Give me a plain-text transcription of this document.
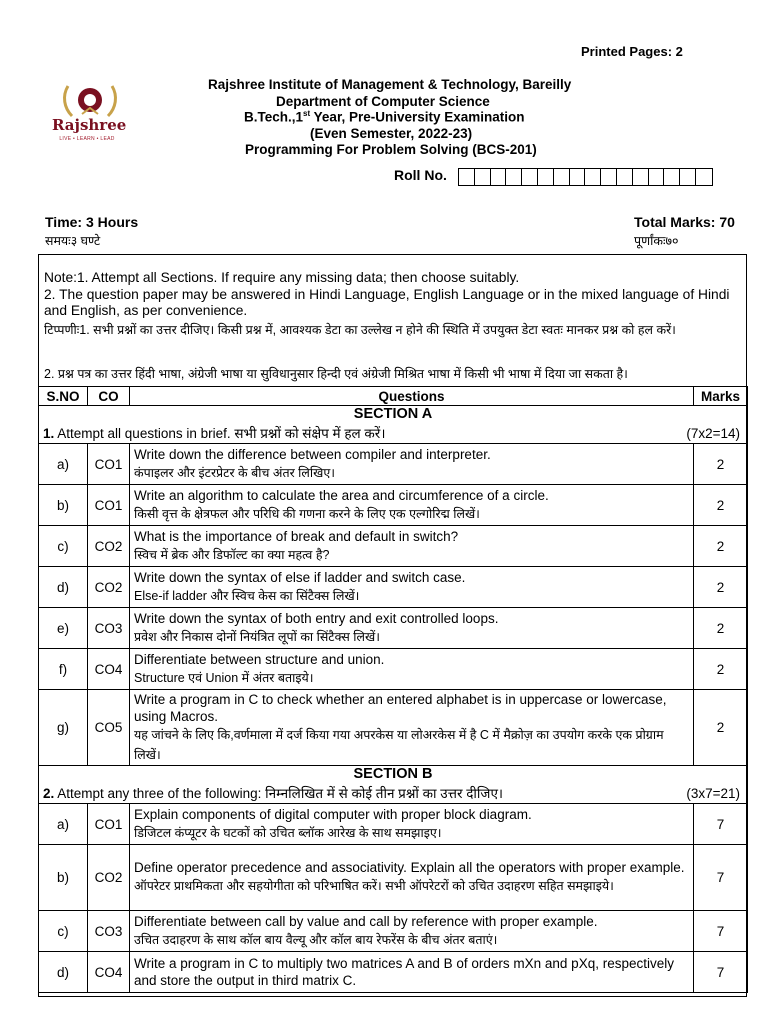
Printed Pages: 2
Rajshree
LIVE • LEARN • LEAD
Rajshree Institute of Management & Technology, Bareilly
Department of Computer Science
B.Tech.,1st Year, Pre-University Examination
(Even Semester, 2022-23)
Programming For Problem Solving (BCS-201)
Roll No.
Time: 3 Hours
समयः३ घण्टे
Total Marks: 70
पूर्णांकः७०
Note:1. Attempt all Sections. If require any missing data; then choose suitably.
2. The question paper may be answered in Hindi Language, English Language or in the mixed language of Hindi and English, as per convenience.
टिप्पणीः1. सभी प्रश्नों का उत्तर दीजिए। किसी प्रश्न में, आवश्यक डेटा का उल्लेख न होने की स्थिति में उपयुक्त डेटा स्वतः मानकर प्रश्न को हल करें।
2. प्रश्न पत्र का उत्तर हिंदी भाषा, अंग्रेजी भाषा या सुविधानुसार हिन्दी एवं अंग्रेजी मिश्रित भाषा में किसी भी भाषा में दिया जा सकता है।
S.NO	CO	Questions	Marks
SECTION A			

1. Attempt all questions in brief. सभी प्रश्नों को संक्षेप में हल करें। (7x2=14)			

a)	CO1	Write down the difference between compiler and interpreter.
कंपाइलर और इंटरप्रेटर के बीच अंतर लिखिए।	2
b)	CO1	Write an algorithm to calculate the area and circumference of a circle.
किसी वृत्त के क्षेत्रफल और परिधि की गणना करने के लिए एक एल्गोरिद्म लिखें।	2
c)	CO2	What is the importance of break and default in switch?
स्विच में ब्रेक और डिफॉल्ट का क्या महत्व है?	2
d)	CO2	Write down the syntax of else if ladder and switch case.
Else-if ladder और स्विच केस का सिंटैक्स लिखें।	2
e)	CO3	Write down the syntax of both entry and exit controlled loops.
प्रवेश और निकास दोनों नियंत्रित लूपों का सिंटैक्स लिखें।	2
f)	CO4	Differentiate between structure and union.
Structure एवं Union में अंतर बताइये।	2
g)	CO5	Write a program in C to check whether an entered alphabet is in uppercase or lowercase, using Macros.
यह जांचने के लिए कि,वर्णमाला में दर्ज किया गया अपरकेस या लोअरकेस में है C में मैक्रोज़ का उपयोग करके एक प्रोग्राम लिखें।	2
SECTION B			

2. Attempt any three of the following: निम्नलिखित में से कोई तीन प्रश्नों का उत्तर दीजिए। (3x7=21)			

a)	CO1	Explain components of digital computer with proper block diagram.
डिजिटल कंप्यूटर के घटकों को उचित ब्लॉक आरेख के साथ समझाइए।	7
b)	CO2	Define operator precedence and associativity. Explain all the operators with proper example.
ऑपरेटर प्राथमिकता और सहयोगीता को परिभाषित करें। सभी ऑपरेटरों को उचित उदाहरण सहित समझाइये।	7
c)	CO3	Differentiate between call by value and call by reference with proper example.
उचित उदाहरण के साथ कॉल बाय वैल्यू और कॉल बाय रेफरेंस के बीच अंतर बताएं।	7
d)	CO4	Write a program in C to multiply two matrices A and B of orders mXn and pXq, respectively and store the output in third matrix C.	7
